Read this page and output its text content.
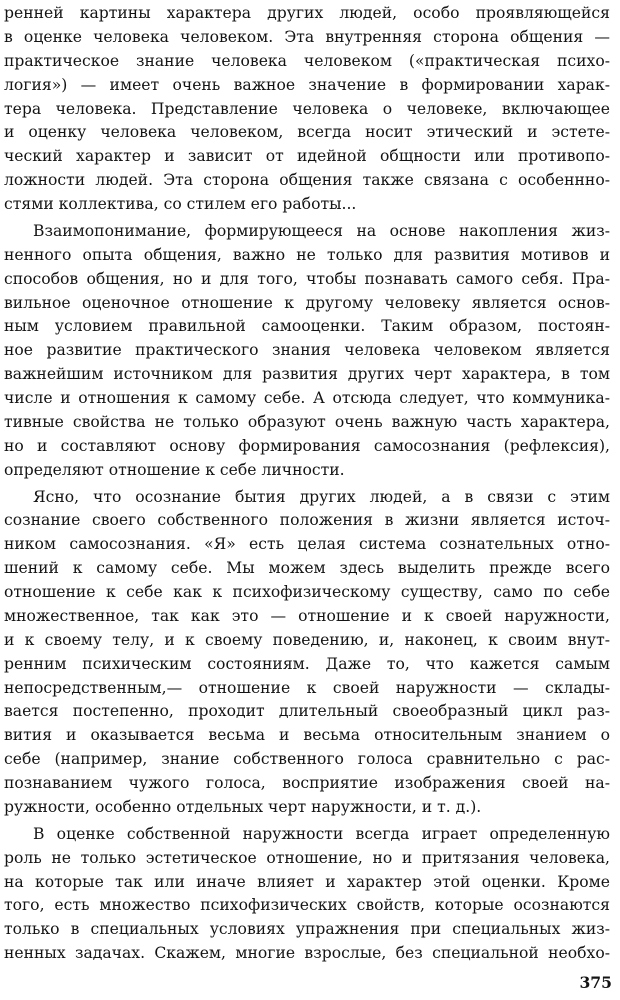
ренней картины характера других людей, особо проявляющейся
в оценке человека человеком. Эта внутренняя сторона общения —
практическое знание человека человеком («практическая психо-
логия») — имеет очень важное значение в формировании харак-
тера человека. Представление человека о человеке, включающее
и оценку человека человеком, всегда носит этический и эстете-
ческий характер и зависит от идейной общности или противопо-
ложности людей. Эта сторона общения также связана с особеннно-
стями коллектива, со стилем его работы...
Взаимопонимание, формирующееся на основе накопления жиз-
ненного опыта общения, важно не только для развития мотивов и
способов общения, но и для того, чтобы познавать самого себя. Пра-
вильное оценочное отношение к другому человеку является основ-
ным условием правильной самооценки. Таким образом, постоян-
ное развитие практического знания человека человеком является
важнейшим источником для развития других черт характера, в том
числе и отношения к самому себе. А отсюда следует, что коммуника-
тивные свойства не только образуют очень важную часть характера,
но и составляют основу формирования самосознания (рефлексия),
определяют отношение к себе личности.
Ясно, что осознание бытия других людей, а в связи с этим
сознание своего собственного положения в жизни является источ-
ником самосознания. «Я» есть целая система сознательных отно-
шений к самому себе. Мы можем здесь выделить прежде всего
отношение к себе как к психофизическому существу, само по себе
множественное, так как это — отношение и к своей наружности,
и к своему телу, и к своему поведению, и, наконец, к своим внут-
ренним психическим состояниям. Даже то, что кажется самым
непосредственным,— отношение к своей наружности — склады-
вается постепенно, проходит длительный своеобразный цикл раз-
вития и оказывается весьма и весьма относительным знанием о
себе (например, знание собственного голоса сравнительно с рас-
познаванием чужого голоса, восприятие изображения своей на-
ружности, особенно отдельных черт наружности, и т. д.).
В оценке собственной наружности всегда играет определенную
роль не только эстетическое отношение, но и притязания человека,
на которые так или иначе влияет и характер этой оценки. Кроме
того, есть множество психофизических свойств, которые осознаются
только в специальных условиях упражнения при специальных жиз-
ненных задачах. Скажем, многие взрослые, без специальной необхо-
375
